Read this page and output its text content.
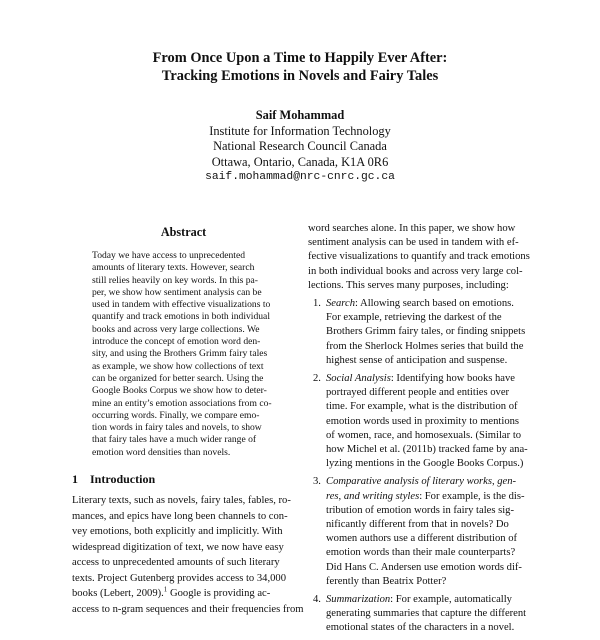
From Once Upon a Time to Happily Ever After:
Tracking Emotions in Novels and Fairy Tales
Saif Mohammad
Institute for Information Technology
National Research Council Canada
Ottawa, Ontario, Canada, K1A 0R6
saif.mohammad@nrc-cnrc.gc.ca
Abstract
Today we have access to unprecedented
amounts of literary texts. However, search
still relies heavily on key words. In this pa-
per, we show how sentiment analysis can be
used in tandem with effective visualizations to
quantify and track emotions in both individual
books and across very large collections. We
introduce the concept of emotion word den-
sity, and using the Brothers Grimm fairy tales
as example, we show how collections of text
can be organized for better search. Using the
Google Books Corpus we show how to deter-
mine an entity’s emotion associations from co-
occurring words. Finally, we compare emo-
tion words in fairy tales and novels, to show
that fairy tales have a much wider range of
emotion word densities than novels.
1 Introduction
Literary texts, such as novels, fairy tales, fables, ro-
mances, and epics have long been channels to con-
vey emotions, both explicitly and implicitly. With
widespread digitization of text, we now have easy
access to unprecedented amounts of such literary
texts. Project Gutenberg provides access to 34,000
books (Lebert, 2009).$^1$ Google is providing ac-
access to n-gram sequences and their frequencies from
word searches alone. In this paper, we show how
sentiment analysis can be used in tandem with ef-
fective visualizations to quantify and track emotions
in both individual books and across very large col-
lections. This serves many purposes, including:
1. Search: Allowing search based on emotions.
For example, retrieving the darkest of the
Brothers Grimm fairy tales, or finding snippets
from the Sherlock Holmes series that build the
highest sense of anticipation and suspense.
2. Social Analysis: Identifying how books have
portrayed different people and entities over
time. For example, what is the distribution of
emotion words used in proximity to mentions
of women, race, and homosexuals. (Similar to
how Michel et al. (2011b) tracked fame by ana-
lyzing mentions in the Google Books Corpus.)
3. Comparative analysis of literary works, gen-
res, and writing styles: For example, is the dis-
tribution of emotion words in fairy tales sig-
nificantly different from that in novels? Do
women authors use a different distribution of
emotion words than their male counterparts?
Did Hans C. Andersen use emotion words dif-
ferently than Beatrix Potter?
4. Summarization: For example, automatically
generating summaries that capture the different
emotional states of the characters in a novel.
